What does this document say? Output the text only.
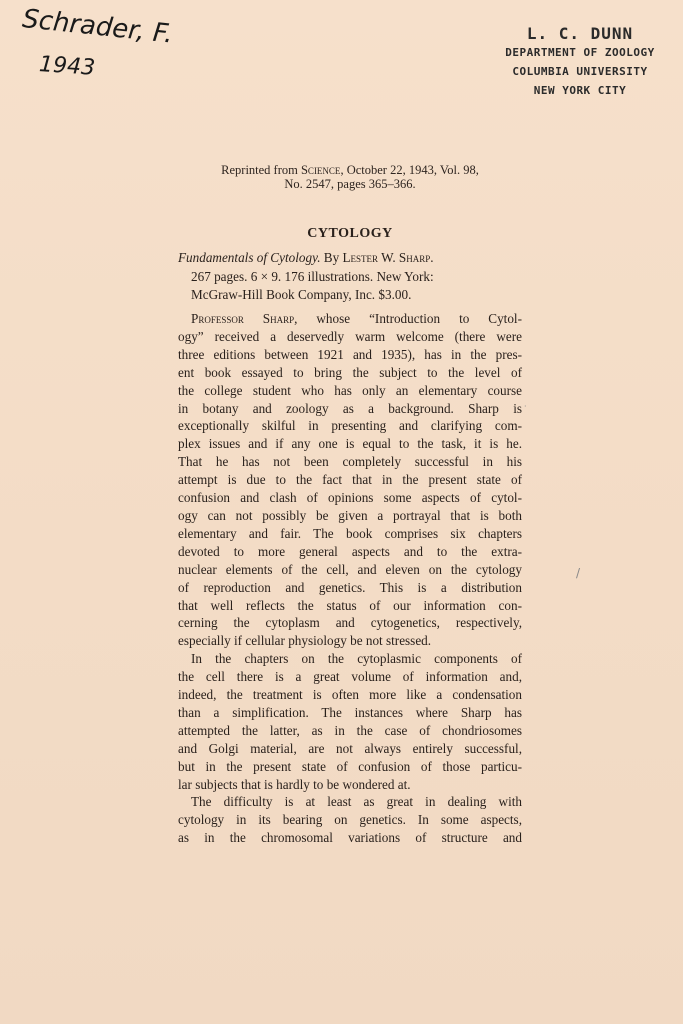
Schrader, F.
1943
L. C. DUNN
DEPARTMENT OF ZOOLOGY
COLUMBIA UNIVERSITY
NEW YORK CITY
Reprinted from Science, October 22, 1943, Vol. 98,
No. 2547, pages 365–366.
CYTOLOGY
Fundamentals of Cytology. By Lester W. Sharp.
267 pages. 6 × 9. 176 illustrations. New York:
McGraw-Hill Book Company, Inc. $3.00.

Professor Sharp, whose “Introduction to Cytol-
ogy” received a deservedly warm welcome (there were
three editions between 1921 and 1935), has in the pres-
ent book essayed to bring the subject to the level of
the college student who has only an elementary course
in botany and zoology as a background. Sharp is
exceptionally skilful in presenting and clarifying com-
plex issues and if any one is equal to the task, it is he.
That he has not been completely successful in his
attempt is due to the fact that in the present state of
confusion and clash of opinions some aspects of cytol-
ogy can not possibly be given a portrayal that is both
elementary and fair. The book comprises six chapters
devoted to more general aspects and to the extra-
nuclear elements of the cell, and eleven on the cytology
of reproduction and genetics. This is a distribution
that well reflects the status of our information con-
cerning the cytoplasm and cytogenetics, respectively,
especially if cellular physiology be not stressed.

In the chapters on the cytoplasmic components of
the cell there is a great volume of information and,
indeed, the treatment is often more like a condensation
than a simplification. The instances where Sharp has
attempted the latter, as in the case of chondriosomes
and Golgi material, are not always entirely successful,
but in the present state of confusion of those particu-
lar subjects that is hardly to be wondered at.

The difficulty is at least as great in dealing with
cytology in its bearing on genetics. In some aspects,
as in the chromosomal variations of structure and

·
/
